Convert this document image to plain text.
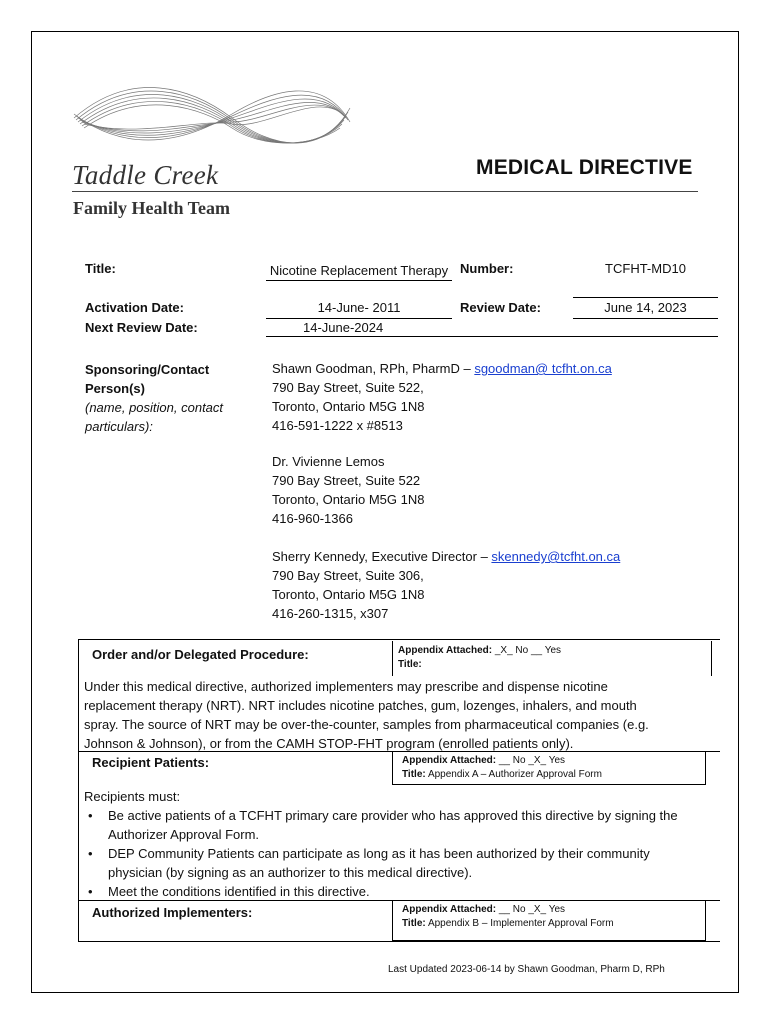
Taddle Creek
Family Health Team
MEDICAL DIRECTIVE
Title:	Nicotine Replacement Therapy Number:	TCFHT-MD10
Activation Date:	14-June- 2011	Review Date:	June 14, 2023
Next Review Date:	14-June-2024
Sponsoring/Contact
Person(s)
(name, position, contact
particulars):
Shawn Goodman, RPh, PharmD – sgoodman@ tcfht.on.ca
790 Bay Street, Suite 522,
Toronto, Ontario M5G 1N8
416-591-1222 x #8513
Dr. Vivienne Lemos
790 Bay Street, Suite 522
Toronto, Ontario M5G 1N8
416-960-1366
Sherry Kennedy, Executive Director – skennedy@tcfht.on.ca
790 Bay Street, Suite 306,
Toronto, Ontario M5G 1N8
416-260-1315, x307
Order and/or Delegated Procedure:	Appendix Attached: _X_ No __ Yes
Title:
Under this medical directive, authorized implementers may prescribe and dispense nicotine
replacement therapy (NRT). NRT includes nicotine patches, gum, lozenges, inhalers, and mouth
spray. The source of NRT may be over-the-counter, samples from pharmaceutical companies (e.g.
Johnson & Johnson), or from the CAMH STOP-FHT program (enrolled patients only).
Recipient Patients:	Appendix Attached: __ No _X_ Yes
Title: Appendix A – Authorizer Approval Form
Recipients must:
• Be active patients of a TCFHT primary care provider who has approved this directive by signing the
Authorizer Approval Form.
• DEP Community Patients can participate as long as it has been authorized by their community
physician (by signing as an authorizer to this medical directive).
• Meet the conditions identified in this directive.
Authorized Implementers:	Appendix Attached: __ No _X_ Yes
Title: Appendix B – Implementer Approval Form
Last Updated 2023-06-14 by Shawn Goodman, Pharm D, RPh
